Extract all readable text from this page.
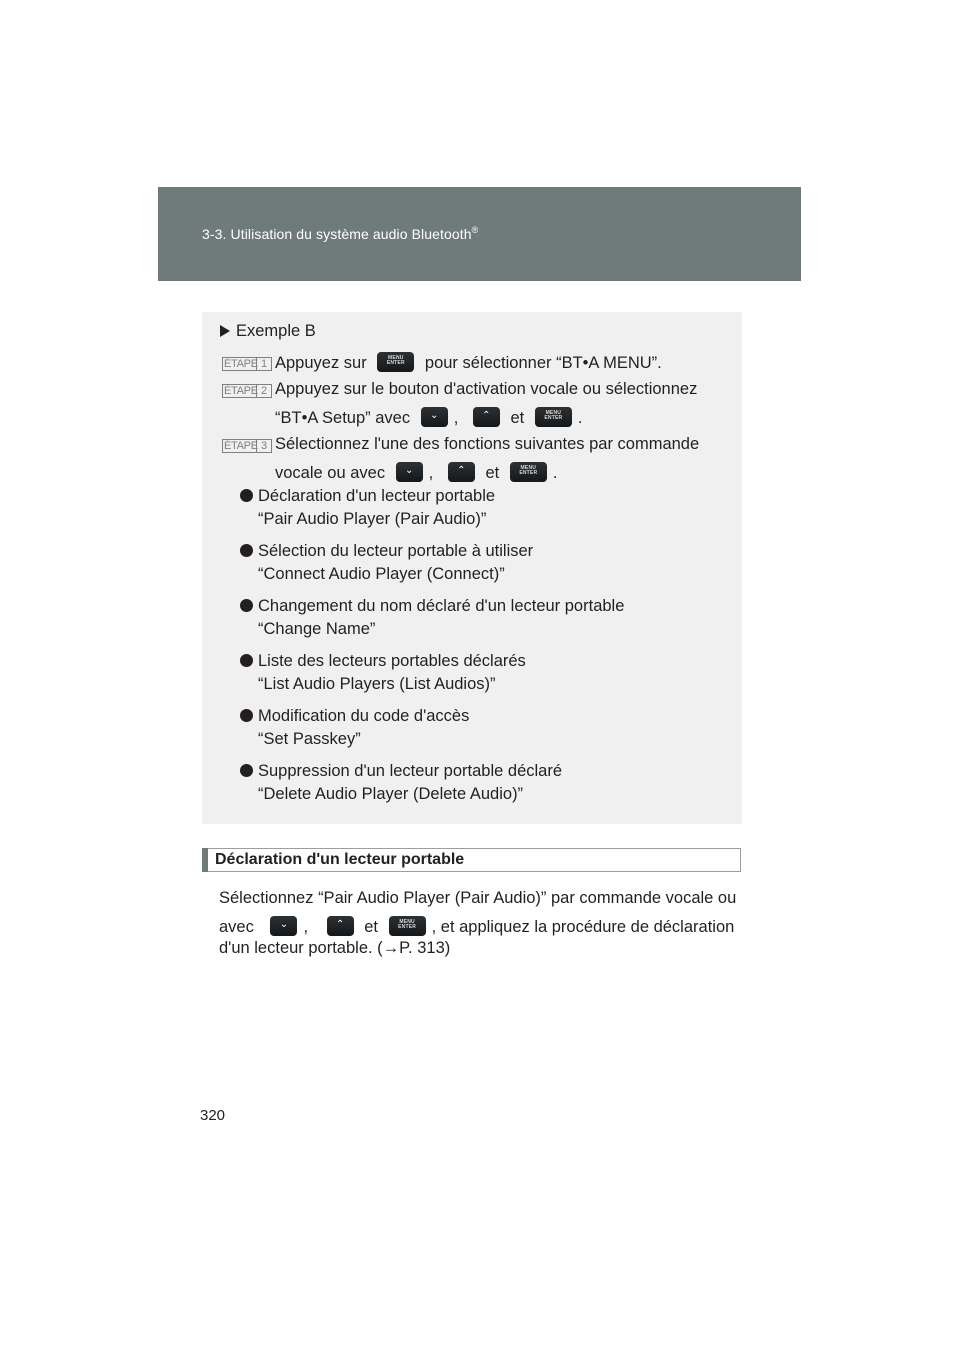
3-3. Utilisation du système audio Bluetooth®
Exemple B
ÉTAPE 1 Appuyez sur	MENU
ENTER	pour sélectionner “BT•A MENU”.
ÉTAPE 2 Appuyez sur le bouton d'activation vocale ou sélectionnez
“BT•A Setup” avec	⌄ ,	⌃	et	MENU
ENTER .
ÉTAPE 3 Sélectionnez l'une des fonctions suivantes par commande
vocale ou avec	⌄ ,	⌃	et	MENU
ENTER .
Déclaration d'un lecteur portable
“Pair Audio Player (Pair Audio)”
Sélection du lecteur portable à utiliser
“Connect Audio Player (Connect)”
Changement du nom déclaré d'un lecteur portable
“Change Name”
Liste des lecteurs portables déclarés
“List Audio Players (List Audios)”
Modification du code d'accès
“Set Passkey”
Suppression d'un lecteur portable déclaré
“Delete Audio Player (Delete Audio)”
Déclaration d'un lecteur portable
Sélectionnez “Pair Audio Player (Pair Audio)” par commande vocale ou
avec	⌄ ,	⌃	et	MENU
ENTER , et appliquez la procédure de déclaration
d'un lecteur portable. (→P. 313)
320
